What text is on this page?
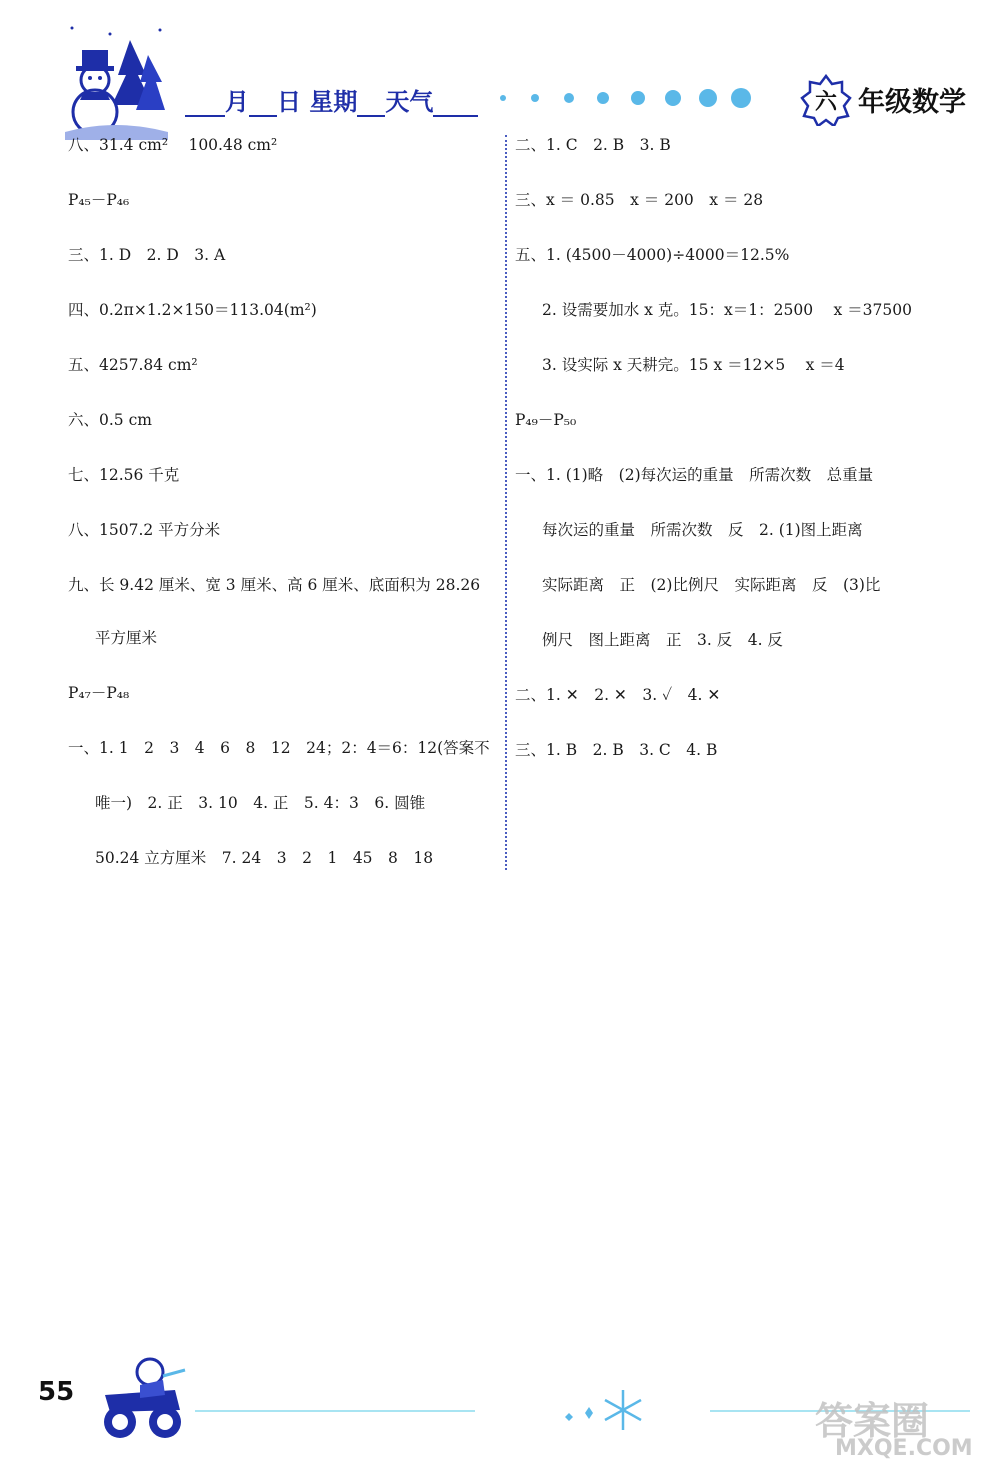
月 日 星期 天气	六 年级数学
八、31.4 cm²　 100.48 cm²
P₄₅－P₄₆
三、1. D　2. D　3. A
四、0.2π×1.2×150＝113.04(m²)
五、4257.84 cm²
六、0.5 cm
七、12.56 千克
八、1507.2 平方分米
九、长 9.42 厘米、宽 3 厘米、高 6 厘米、底面积为 28.26
平方厘米
P₄₇－P₄₈
一、1. 1　2　3　4　6　8　12　24；2：4＝6：12(答案不
唯一)　2. 正　3. 10　4. 正　5. 4：3　6. 圆锥
50.24 立方厘米　7. 24　3　2　1　45　8　18
二、1. C　2. B　3. B
三、x ＝ 0.85　x ＝ 200　x ＝ 28
五、1. (4500－4000)÷4000＝12.5%
2. 设需要加水 x 克。15：x＝1：2500　 x ＝37500
3. 设实际 x 天耕完。15 x ＝12×5　 x ＝4
P₄₉－P₅₀
一、1. (1)略　(2)每次运的重量　所需次数　总重量
每次运的重量　所需次数　反　2. (1)图上距离
实际距离　正　(2)比例尺　实际距离　反　(3)比
例尺　图上距离　正　3. 反　4. 反
二、1. ✕　2. ✕　3. ✓　4. ✕
三、1. B　2. B　3. C　4. B
55
答案圈
MXQE.COM
